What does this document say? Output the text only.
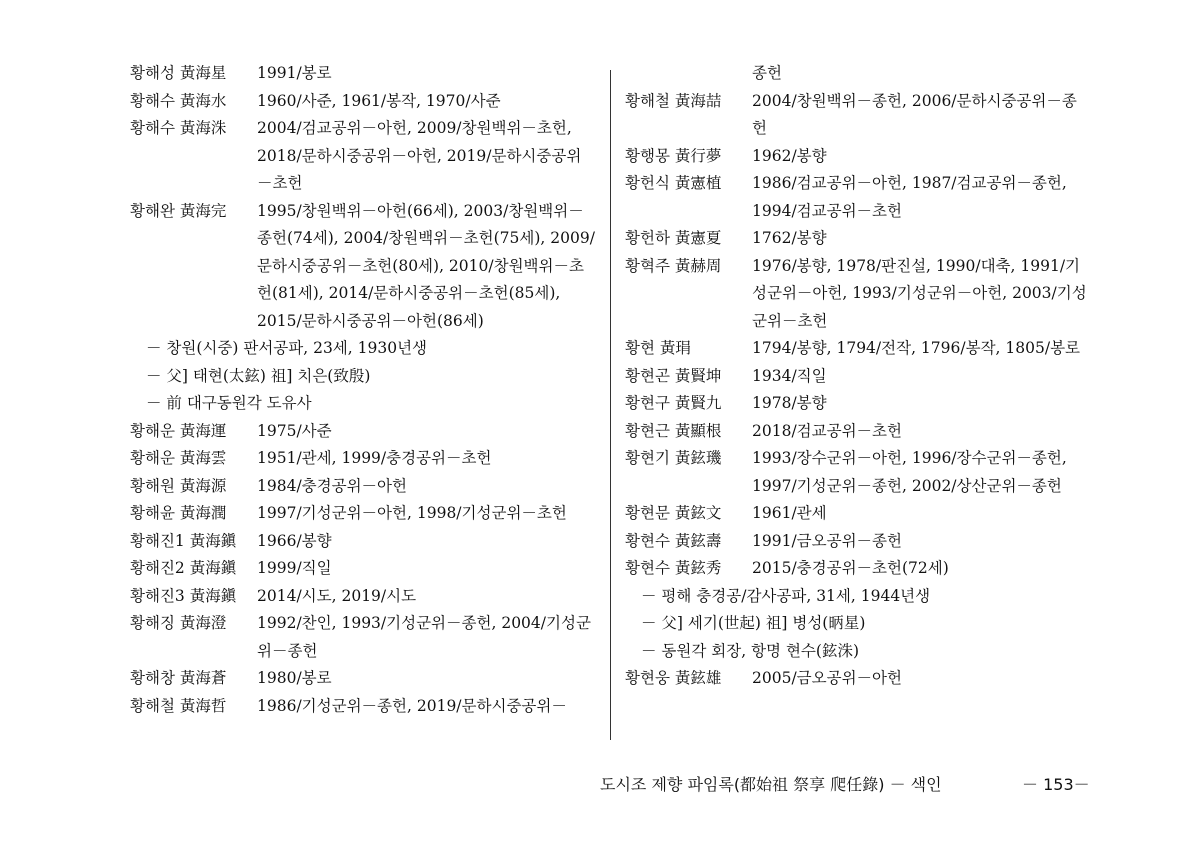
황해성 黃海星 1991/봉로
황해수 黃海水 1960/사준, 1961/봉작, 1970/사준
황해수 黃海洙 2004/검교공위－아헌, 2009/창원백위－초헌, 2018/문하시중공위－아헌, 2019/문하시중공위－초헌
황해완 黃海完 1995/창원백위－아헌(66세), 2003/창원백위－종헌(74세), 2004/창원백위－초헌(75세), 2009/문하시중공위－초헌(80세), 2010/창원백위－초헌(81세), 2014/문하시중공위－초헌(85세), 2015/문하시중공위－아헌(86세)
－ 창원(시중) 판서공파, 23세, 1930년생
－ 父] 태현(太鉉) 祖] 치은(致殷)
－ 前 대구동원각 도유사
황해운 黃海運 1975/사준
황해운 黃海雲 1951/관세, 1999/충경공위－초헌
황해원 黃海源 1984/충경공위－아헌
황해윤 黃海潤 1997/기성군위－아헌, 1998/기성군위－초헌
황해진1 黃海鎭 1966/봉향
황해진2 黃海鎭 1999/직일
황해진3 黃海鎭 2014/시도, 2019/시도
황해징 黃海澄 1992/찬인, 1993/기성군위－종헌, 2004/기성군위－종헌
황해창 黃海蒼 1980/봉로
황해철 黃海哲 1986/기성군위－종헌, 2019/문하시중공위－
종헌
황해철 黃海喆 2004/창원백위－종헌, 2006/문하시중공위－종헌
황행몽 黃行夢 1962/봉향
황헌식 黃憲植 1986/검교공위－아헌, 1987/검교공위－종헌, 1994/검교공위－초헌
황헌하 黃憲夏 1762/봉향
황혁주 黃赫周 1976/봉향, 1978/판진설, 1990/대축, 1991/기성군위－아헌, 1993/기성군위－아헌, 2003/기성군위－초헌
황현 黃琄	1794/봉향, 1794/전작, 1796/봉작, 1805/봉로
황현곤 黃賢坤 1934/직일
황현구 黃賢九 1978/봉향
황현근 黃顯根 2018/검교공위－초헌
황현기 黃鉉璣 1993/장수군위－아헌, 1996/장수군위－종헌, 1997/기성군위－종헌, 2002/상산군위－종헌
황현문 黃鉉文 1961/관세
황현수 黃鉉壽 1991/금오공위－종헌
황현수 黃鉉秀 2015/충경공위－초헌(72세)
－ 평해 충경공/감사공파, 31세, 1944년생
－ 父] 세기(世起) 祖] 병성(昞星)
－ 동원각 회장, 항명 현수(鉉洙)
황현웅 黃鉉雄 2005/금오공위－아헌
도시조 제향 파임록(都始祖 祭享 爬任錄) － 색인	－ 153－
